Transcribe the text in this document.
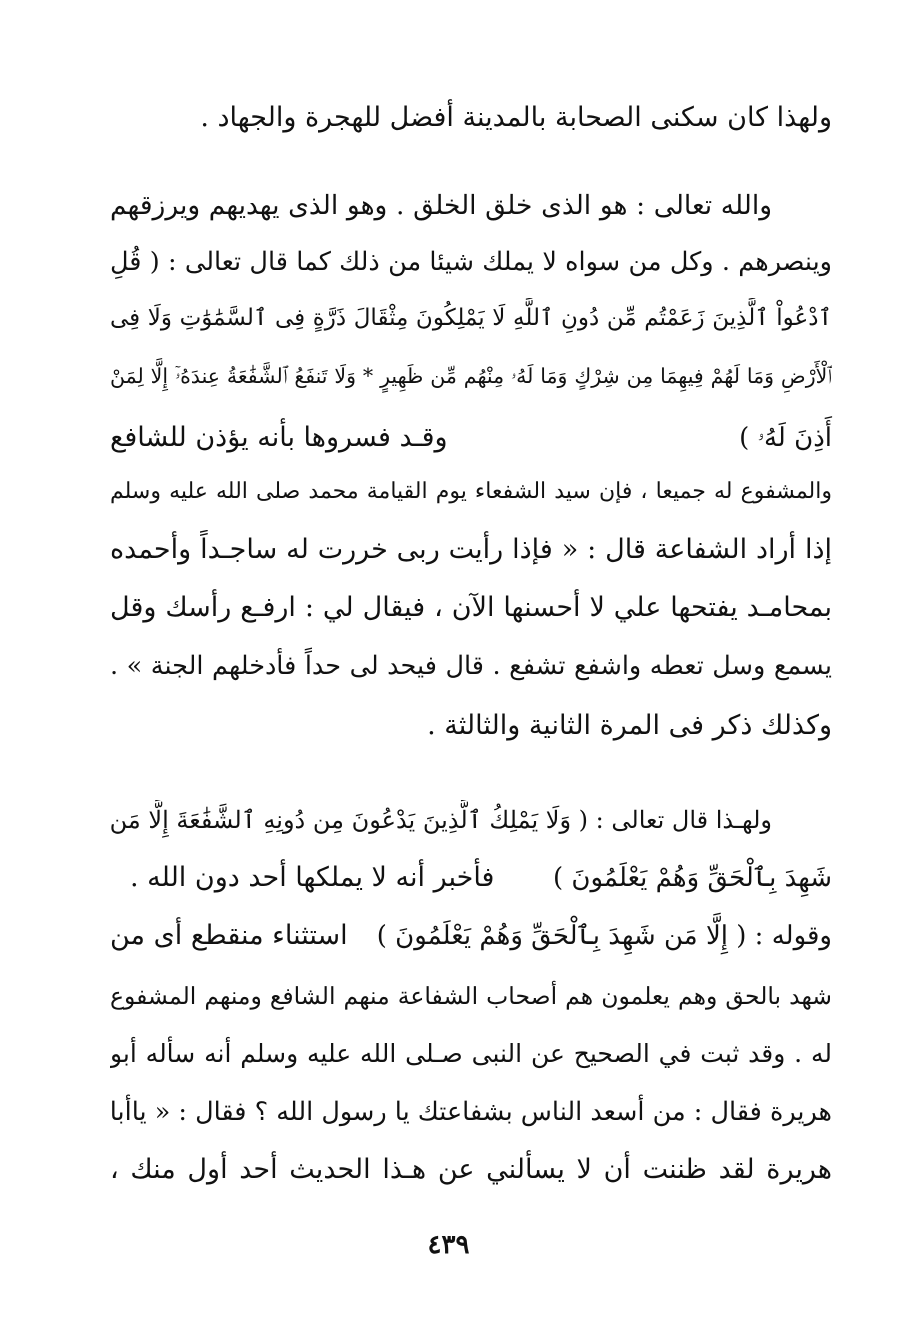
ولهذا كان سكنى الصحابة بالمدينة أفضل للهجرة والجهاد .
والله تعالى : هو الذى خلق الخلق . وهو الذى يهديهم ويرزقهم
وينصرهم . وكل من سواه لا يملك شيئا من ذلك كما قال تعالى : ( قُلِ
ٱدْعُواْ ٱلَّذِينَ زَعَمْتُم مِّن دُونِ ٱللَّهِ لَا يَمْلِكُونَ مِثْقَالَ ذَرَّةٍ فِى ٱلسَّمَٰوَٰتِ وَلَا فِى
ٱلْأَرْضِ وَمَا لَهُمْ فِيهِمَا مِن شِرْكٍ وَمَا لَهُۥ مِنْهُم مِّن ظَهِيرٍ * وَلَا تَنفَعُ ٱلشَّفَٰعَةُ عِندَهُۥٓ إِلَّا لِمَنْ
أَذِنَ لَهُۥ )
وقـد فسروها بأنه يؤذن للشافع
والمشفوع له جميعا ، فإن سيد الشفعاء يوم القيامة محمد صلى الله عليه وسلم
إذا أراد الشفاعة قال : « فإذا رأيت ربى خررت له ساجـداً وأحمده
بمحامـد يفتحها علي لا أحسنها الآن ، فيقال لي : ارفـع رأسك وقل
يسمع وسل تعطه واشفع تشفع . قال فيحد لى حداً فأدخلهم الجنة » .
وكذلك ذكر فى المرة الثانية والثالثة .
ولهـذا قال تعالى : ( وَلَا يَمْلِكُ ٱلَّذِينَ يَدْعُونَ مِن دُونِهِ ٱلشَّفَٰعَةَ إِلَّا مَن
شَهِدَ بِٱلْحَقِّ وَهُمْ يَعْلَمُونَ )
فأخبر أنه لا يملكها أحد دون الله .
وقوله : ( إِلَّا مَن شَهِدَ بِٱلْحَقِّ وَهُمْ يَعْلَمُونَ )
استثناء منقطع أى من
شهد بالحق وهم يعلمون هم أصحاب الشفاعة منهم الشافع ومنهم المشفوع
له . وقد ثبت في الصحيح عن النبى صـلى الله عليه وسلم أنه سأله أبو
هريرة فقال : من أسعد الناس بشفاعتك يا رسول الله ؟ فقال : « ياأبا
هريرة لقد ظننت أن لا يسألني عن هـذا الحديث أحد أول منك ،
٤٣٩
